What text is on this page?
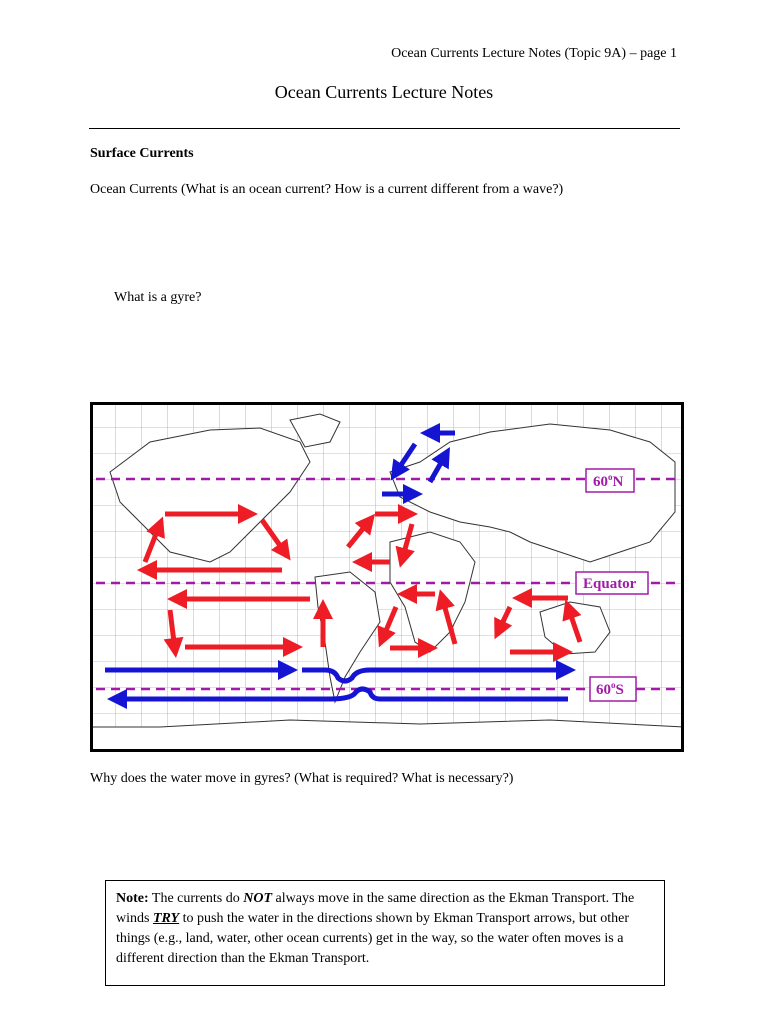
Ocean Currents Lecture Notes (Topic 9A) – page 1
Ocean Currents Lecture Notes
Surface Currents
Ocean Currents (What is an ocean current? How is a current different from a wave?)
What is a gyre?
60$^o$N
Equator
60$^o$S
Why does the water move in gyres? (What is required? What is necessary?)
Note: The currents do NOT always move in the same direction as the Ekman Transport. The winds TRY to push the water in the directions shown by Ekman Transport arrows, but other things (e.g., land, water, other ocean currents) get in the way, so the water often moves is a different direction than the Ekman Transport.
